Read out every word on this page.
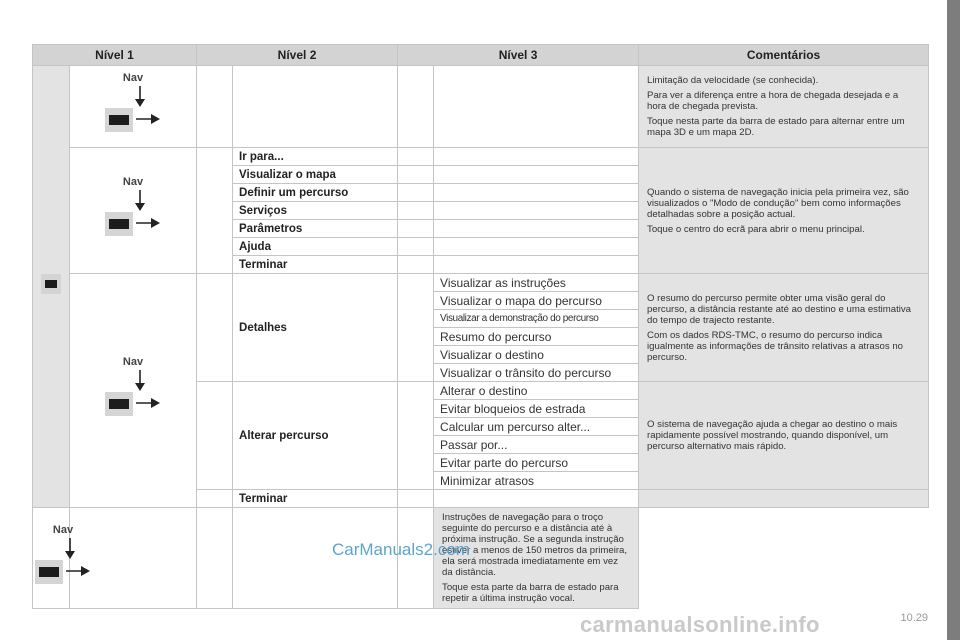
Nível 1		Nível 2		Nível 3		Comentários

	Nav					Limitação da velocidade (se conhecida).

Para ver a diferença entre a hora de chegada desejada e a hora de chegada prevista.

Toque nesta parte da barra de estado para alternar entre um mapa 3D e um mapa 2D.

	Nav		Ir para...			Quando o sistema de navegação inicia pela primeira vez, são visualizados o "Modo de condução" bem como informações detalhadas sobre a posição actual.

Toque o centro do ecrã para abrir o menu principal.

			Visualizar o mapa			
			Definir um percurso			
			Serviços			
			Parâmetros			
			Ajuda			
			Terminar			

	Nav		Detalhes		Visualizar as instruções	O resumo do percurso permite obter uma visão geral do percurso, a distância restante até ao destino e uma estimativa do tempo de trajecto restante.

Com os dados RDS-TMC, o resumo do percurso indica igualmente as informações de trânsito relativas a atrasos no percurso.

					Visualizar o mapa do percurso	
					Visualizar a demonstração do percurso	
					Resumo do percurso	
					Visualizar o destino	
					Visualizar o trânsito do percurso	
			Alterar percurso		Alterar o destino	O sistema de navegação ajuda a chegar ao destino o mais rapidamente possível mostrando, quando disponível, um percurso alternativo mais rápido.

					Evitar bloqueios de estrada	
					Calcular um percurso alter...	
					Passar por...	
					Evitar parte do percurso	
					Minimizar atrasos	
			Terminar			

Nav					Instruções de navegação para o troço seguinte do percurso e a distância até à próxima instrução. Se a segunda instrução estiver a menos de 150 metros da primeira, ela será mostrada imediatamente em vez da distância.

Toque esta parte da barra de estado para repetir a última instrução vocal.	

CarManuals2.com
carmanualsonline.info	10.29
